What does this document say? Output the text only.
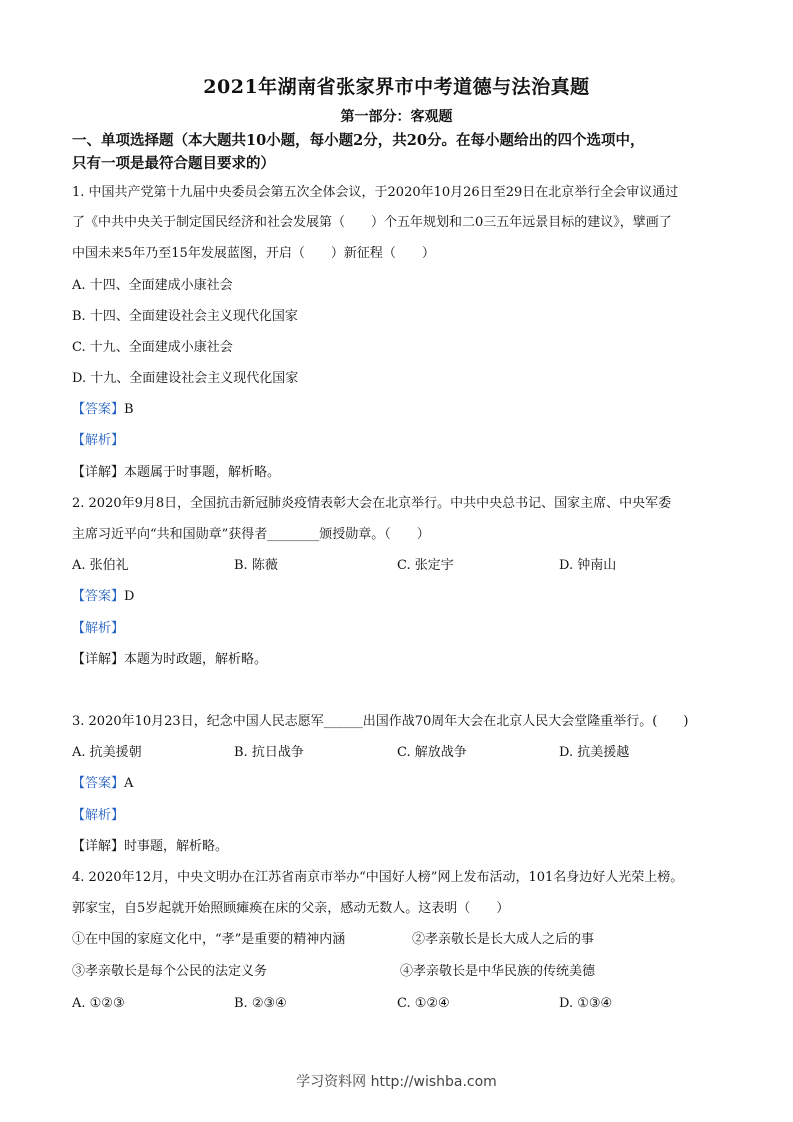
2021年湖南省张家界市中考道德与法治真题
第一部分：客观题
一、单项选择题（本大题共10小题，每小题2分，共20分。在每小题给出的四个选项中，
只有一项是最符合题目要求的）
1. 中国共产党第十九届中央委员会第五次全体会议，于2020年10月26日至29日在北京举行全会审议通过
了《中共中央关于制定国民经济和社会发展第（　　）个五年规划和二0三五年远景目标的建议》，擘画了
中国未来5年乃至15年发展蓝图，开启（　　）新征程（　　）
A. 十四、全面建成小康社会
B. 十四、全面建设社会主义现代化国家
C. 十九、全面建成小康社会
D. 十九、全面建设社会主义现代化国家
【答案】B
【解析】
【详解】本题属于时事题，解析略。
2. 2020年9月8日，全国抗击新冠肺炎疫情表彰大会在北京举行。中共中央总书记、国家主席、中央军委
主席习近平向“共和国勋章”获得者________颁授勋章。（　　）
A. 张伯礼	B. 陈薇	C. 张定宇	D. 钟南山
【答案】D
【解析】
【详解】本题为时政题，解析略。
3. 2020年10月23日，纪念中国人民志愿军______出国作战70周年大会在北京人民大会堂隆重举行。(　　)
A. 抗美援朝	B. 抗日战争	C. 解放战争	D. 抗美援越
【答案】A
【解析】
【详解】时事题，解析略。
4. 2020年12月，中央文明办在江苏省南京市举办“中国好人榜”网上发布活动，101名身边好人光荣上榜。
郭家宝，自5岁起就开始照顾瘫痪在床的父亲，感动无数人。这表明（　　）
①在中国的家庭文化中，“孝”是重要的精神内涵	②孝亲敬长是长大成人之后的事
③孝亲敬长是每个公民的法定义务	④孝亲敬长是中华民族的传统美德
A. ①②③	B. ②③④	C. ①②④	D. ①③④
学习资料网 http://wishba.com
